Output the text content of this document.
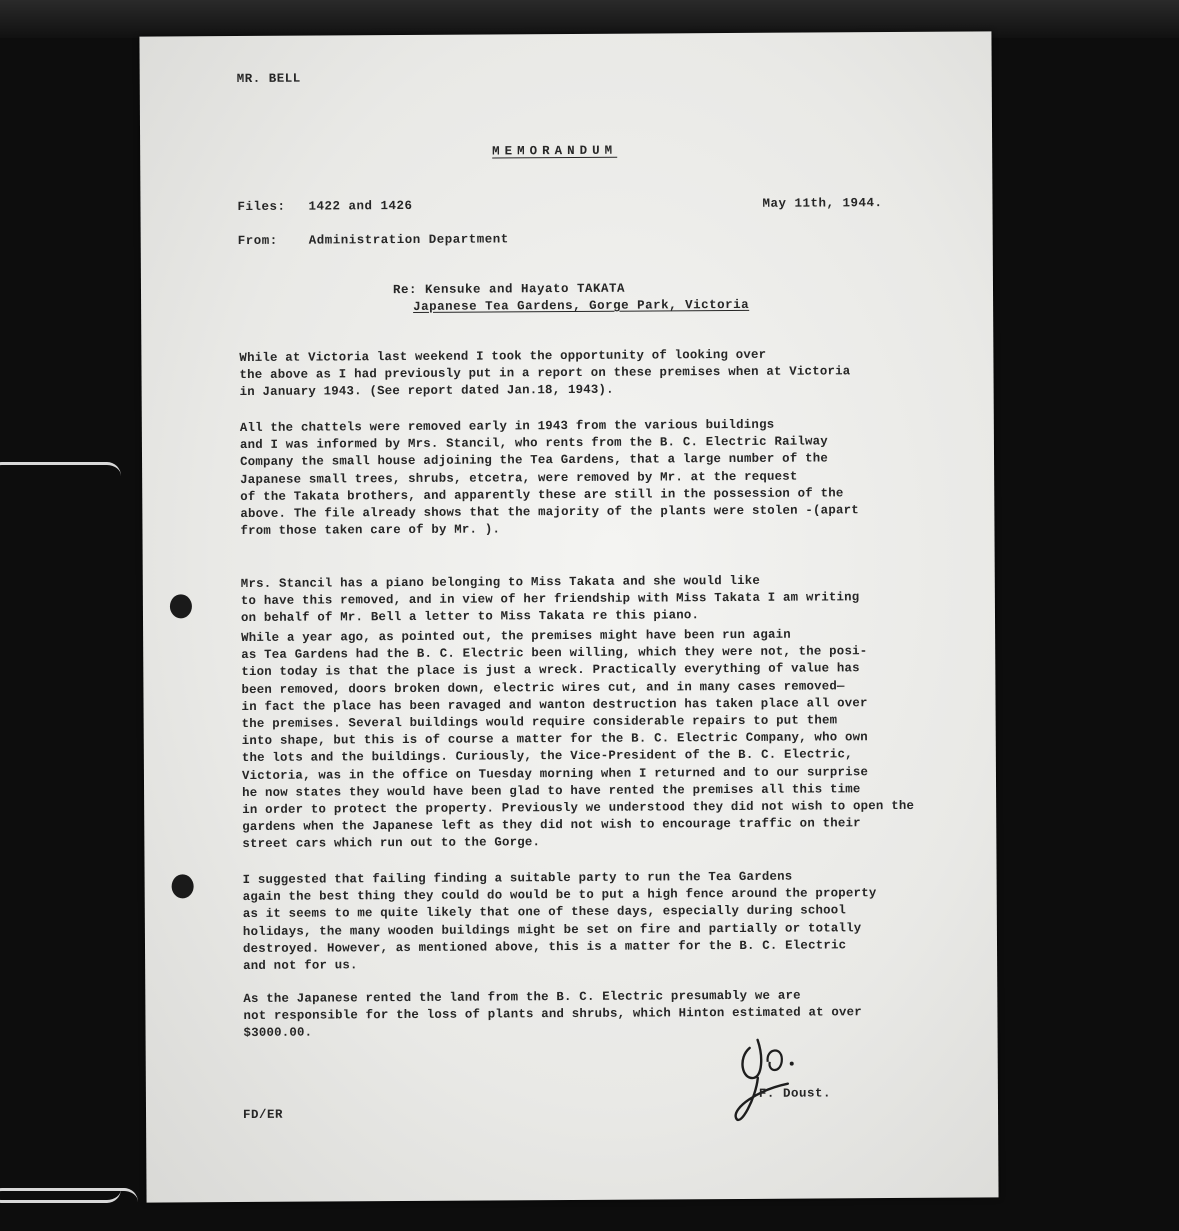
MR. BELL
MEMORANDUM
Files: 1422 and 1426	May 11th, 1944.
From: Administration Department
Re: Kensuke and Hayato TAKATA
Japanese Tea Gardens, Gorge Park, Victoria
While at Victoria last weekend I took the opportunity of looking over
the above as I had previously put in a report on these premises when at Victoria
in January 1943. (See report dated Jan.18, 1943).
All the chattels were removed early in 1943 from the various buildings
and I was informed by Mrs. Stancil, who rents from the B. C. Electric Railway
Company the small house adjoining the Tea Gardens, that a large number of the
Japanese small trees, shrubs, etcetra, were removed by Mr. at the request
of the Takata brothers, and apparently these are still in the possession of the
above. The file already shows that the majority of the plants were stolen -(apart
from those taken care of by Mr. ).
Mrs. Stancil has a piano belonging to Miss Takata and she would like
to have this removed, and in view of her friendship with Miss Takata I am writing
on behalf of Mr. Bell a letter to Miss Takata re this piano.
While a year ago, as pointed out, the premises might have been run again
as Tea Gardens had the B. C. Electric been willing, which they were not, the posi-
tion today is that the place is just a wreck. Practically everything of value has
been removed, doors broken down, electric wires cut, and in many cases removed—
in fact the place has been ravaged and wanton destruction has taken place all over
the premises. Several buildings would require considerable repairs to put them
into shape, but this is of course a matter for the B. C. Electric Company, who own
the lots and the buildings. Curiously, the Vice-President of the B. C. Electric,
Victoria, was in the office on Tuesday morning when I returned and to our surprise
he now states they would have been glad to have rented the premises all this time
in order to protect the property. Previously we understood they did not wish to open the
gardens when the Japanese left as they did not wish to encourage traffic on their
street cars which run out to the Gorge.
I suggested that failing finding a suitable party to run the Tea Gardens
again the best thing they could do would be to put a high fence around the property
as it seems to me quite likely that one of these days, especially during school
holidays, the many wooden buildings might be set on fire and partially or totally
destroyed. However, as mentioned above, this is a matter for the B. C. Electric
and not for us.
As the Japanese rented the land from the B. C. Electric presumably we are
not responsible for the loss of plants and shrubs, which Hinton estimated at over
$3000.00.
F. Doust.
FD/ER
